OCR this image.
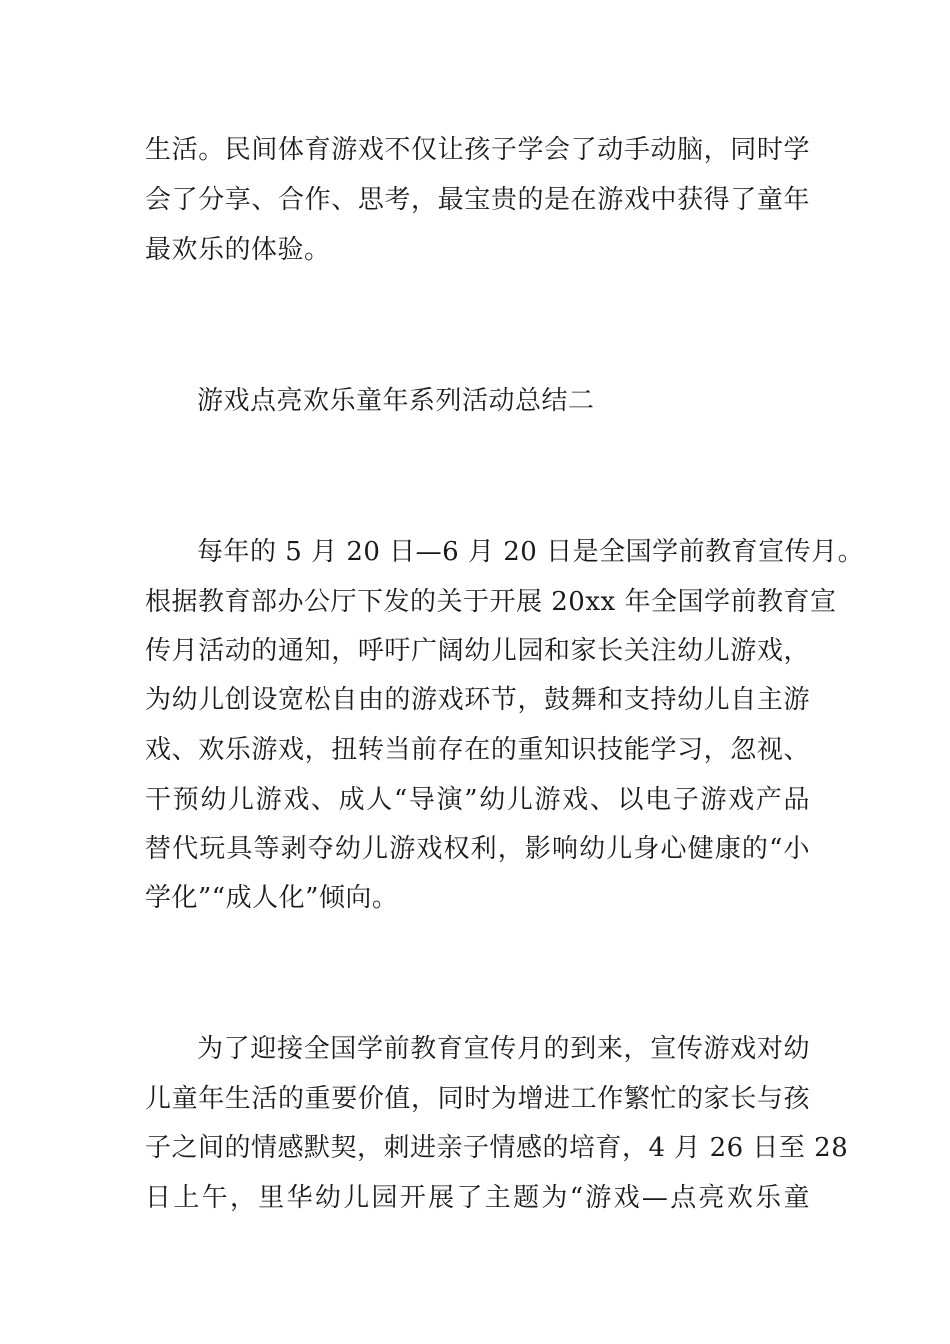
生活。民间体育游戏不仅让孩子学会了动手动脑，同时学
会了分享、合作、思考，最宝贵的是在游戏中获得了童年
最欢乐的体验。
游戏点亮欢乐童年系列活动总结二
每年的 5 月 20 日—6 月 20 日是全国学前教育宣传月。
根据教育部办公厅下发的关于开展 20xx 年全国学前教育宣
传月活动的通知，呼吁广阔幼儿园和家长关注幼儿游戏，
为幼儿创设宽松自由的游戏环节，鼓舞和支持幼儿自主游
戏、欢乐游戏，扭转当前存在的重知识技能学习，忽视、
干预幼儿游戏、成人“导演”幼儿游戏、以电子游戏产品
替代玩具等剥夺幼儿游戏权利，影响幼儿身心健康的“小
学化”“成人化”倾向。
为了迎接全国学前教育宣传月的到来，宣传游戏对幼
儿童年生活的重要价值，同时为增进工作繁忙的家长与孩
子之间的情感默契，刺进亲子情感的培育，4 月 26 日至 28
日上午，里华幼儿园开展了主题为“游戏—点亮欢乐童
